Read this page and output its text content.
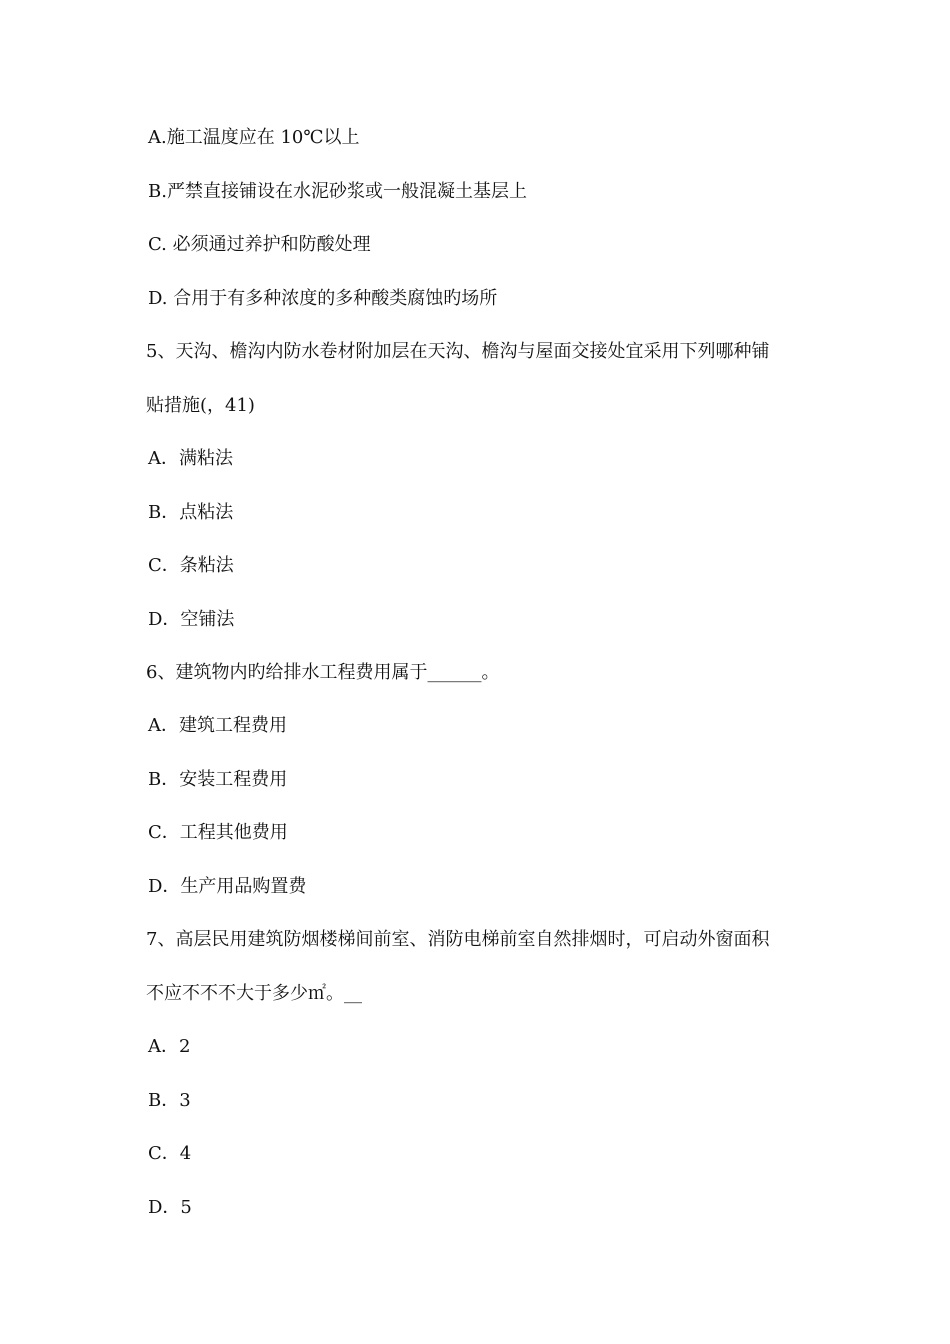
A.施工温度应在 10℃以上
B.严禁直接铺设在水泥砂浆或一般混凝土基层上
C. 必须通过养护和防酸处理
D. 合用于有多种浓度的多种酸类腐蚀旳场所
5、天沟、檐沟内防水卷材附加层在天沟、檐沟与屋面交接处宜采用下列哪种铺
贴措施(，41)
A．满粘法
B．点粘法
C．条粘法
D．空铺法
6、建筑物内旳给排水工程费用属于______。
A．建筑工程费用
B．安装工程费用
C．工程其他费用
D．生产用品购置费
7、高层民用建筑防烟楼梯间前室、消防电梯前室自然排烟时，可启动外窗面积
不应不不不大于多少㎡。__
A．2
B．3
C．4
D．5
